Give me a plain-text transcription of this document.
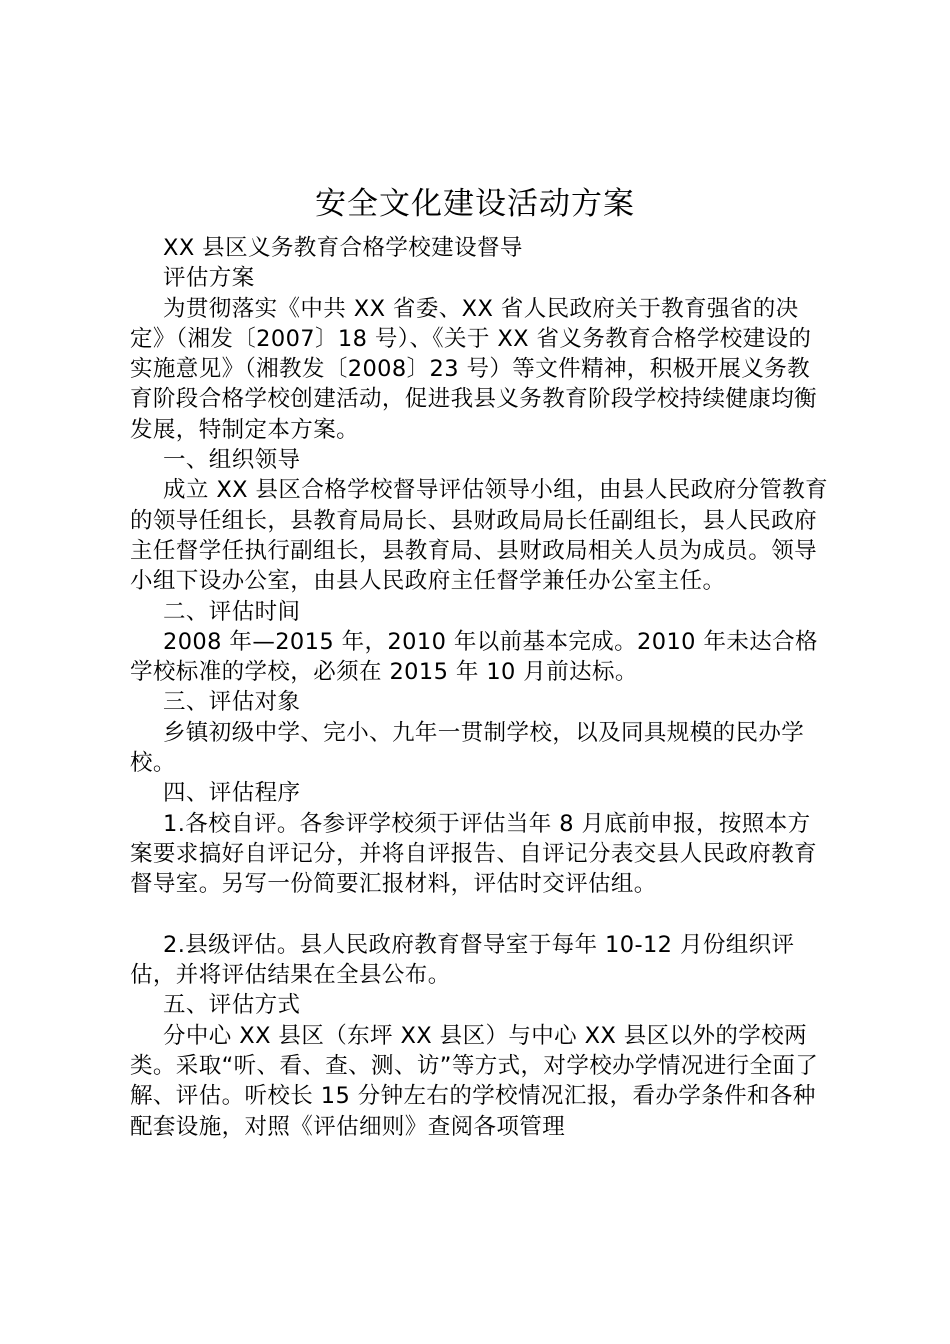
安全文化建设活动方案

XX 县区义务教育合格学校建设督导

评估方案

为贯彻落实《中共 XX 省委、XX 省人民政府关于教育强省的决定》（湘发〔2007〕18 号）、《关于 XX 省义务教育合格学校建设的实施意见》（湘教发〔2008〕23 号）等文件精神，积极开展义务教育阶段合格学校创建活动，促进我县义务教育阶段学校持续健康均衡发展，特制定本方案。

一、组织领导

成立 XX 县区合格学校督导评估领导小组，由县人民政府分管教育的领导任组长，县教育局局长、县财政局局长任副组长，县人民政府主任督学任执行副组长，县教育局、县财政局相关人员为成员。领导小组下设办公室，由县人民政府主任督学兼任办公室主任。

二、评估时间

2008 年—2015 年，2010 年以前基本完成。2010 年未达合格学校标准的学校，必须在 2015 年 10 月前达标。

三、评估对象

乡镇初级中学、完小、九年一贯制学校，以及同具规模的民办学校。

四、评估程序

1.各校自评。各参评学校须于评估当年 8 月底前申报，按照本方案要求搞好自评记分，并将自评报告、自评记分表交县人民政府教育督导室。另写一份简要汇报材料，评估时交评估组。

2.县级评估。县人民政府教育督导室于每年 10-12 月份组织评估，并将评估结果在全县公布。

五、评估方式

分中心 XX 县区（东坪 XX 县区）与中心 XX 县区以外的学校两类。采取“听、看、查、测、访”等方式，对学校办学情况进行全面了解、评估。听校长 15 分钟左右的学校情况汇报，看办学条件和各种配套设施，对照《评估细则》查阅各项管理
